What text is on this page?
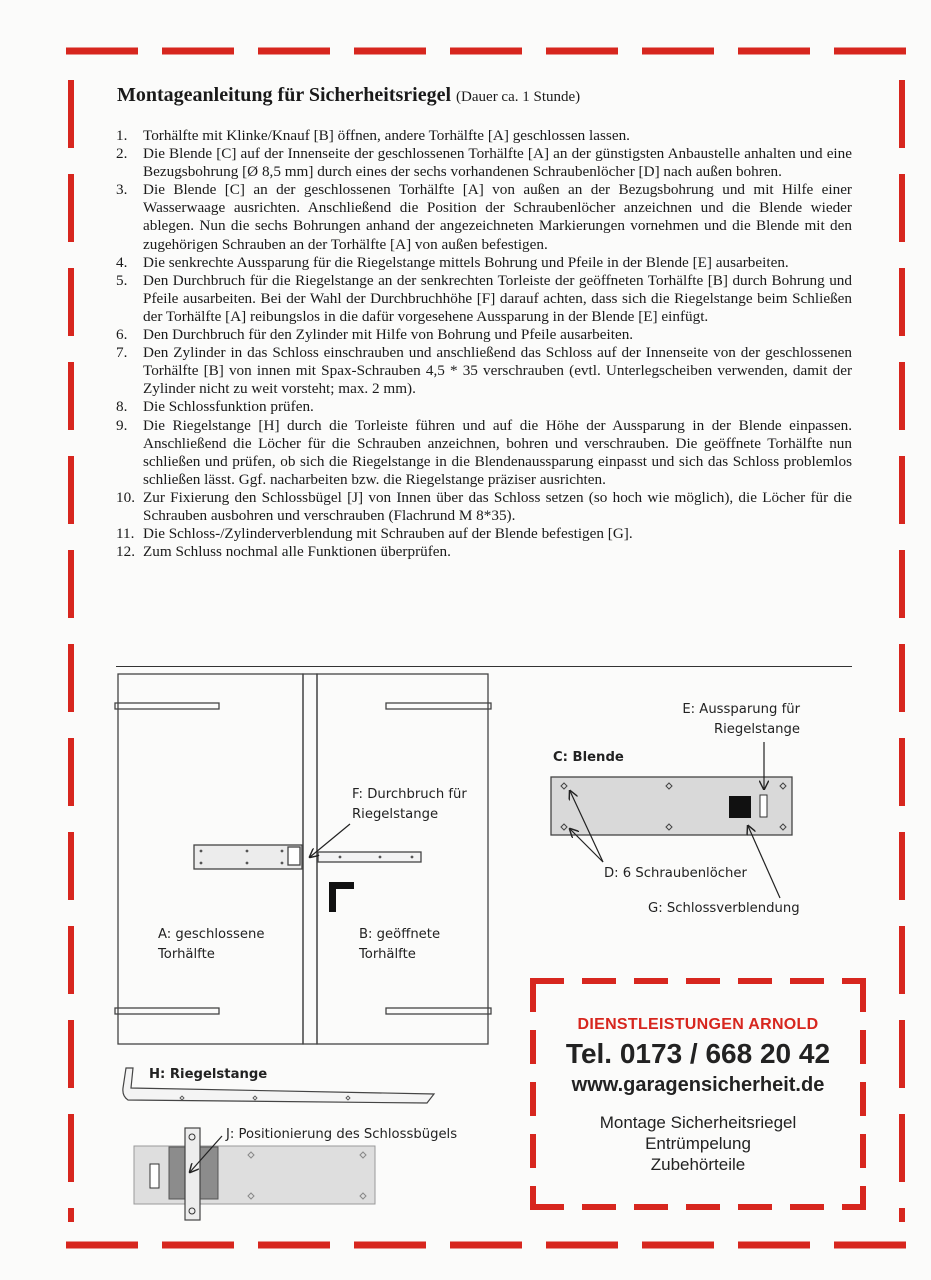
Montageanleitung für Sicherheitsriegel (Dauer ca. 1 Stunde)
1. Torhälfte mit Klinke/Knauf [B] öffnen, andere Torhälfte [A] geschlossen lassen.
2. Die Blende [C] auf der Innenseite der geschlossenen Torhälfte [A] an der günstigsten Anbaustelle anhalten und eine Bezugsbohrung [Ø 8,5 mm] durch eines der sechs vorhandenen Schraubenlöcher [D] nach außen bohren.
3. Die Blende [C] an der geschlossenen Torhälfte [A] von außen an der Bezugsbohrung und mit Hilfe einer Wasserwaage ausrichten. Anschließend die Position der Schraubenlöcher anzeichnen und die Blende wieder ablegen. Nun die sechs Bohrungen anhand der angezeichneten Markierungen vornehmen und die Blende mit den zugehörigen Schrauben an der Torhälfte [A] von außen befestigen.
4. Die senkrechte Aussparung für die Riegelstange mittels Bohrung und Pfeile in der Blende [E] ausarbeiten.
5. Den Durchbruch für die Riegelstange an der senkrechten Torleiste der geöffneten Torhälfte [B] durch Bohrung und Pfeile ausarbeiten. Bei der Wahl der Durchbruchhöhe [F] darauf achten, dass sich die Riegelstange beim Schließen der Torhälfte [A] reibungslos in die dafür vorgesehene Aussparung in der Blende [E] einfügt.
6. Den Durchbruch für den Zylinder mit Hilfe von Bohrung und Pfeile ausarbeiten.
7. Den Zylinder in das Schloss einschrauben und anschließend das Schloss auf der Innenseite von der geschlossenen Torhälfte [B] von innen mit Spax-Schrauben 4,5 * 35 verschrauben (evtl. Unterlegscheiben verwenden, damit der Zylinder nicht zu weit vorsteht; max. 2 mm).
8. Die Schlossfunktion prüfen.
9. Die Riegelstange [H] durch die Torleiste führen und auf die Höhe der Aussparung in der Blende einpassen. Anschließend die Löcher für die Schrauben anzeichnen, bohren und verschrauben. Die geöffnete Torhälfte nun schließen und prüfen, ob sich die Riegelstange in die Blendenaussparung einpasst und sich das Schloss problemlos schließen lässt. Ggf. nacharbeiten bzw. die Riegelstange präziser ausrichten.
10. Zur Fixierung den Schlossbügel [J] von Innen über das Schloss setzen (so hoch wie möglich), die Löcher für die Schrauben ausbohren und verschrauben (Flachrund M 8*35).
11. Die Schloss-/Zylinderverblendung mit Schrauben auf der Blende befestigen [G].
12. Zum Schluss nochmal alle Funktionen überprüfen.
A: geschlossene
Torhälfte
B: geöffnete
Torhälfte
F: Durchbruch für
Riegelstange
E: Aussparung für
Riegelstange
C: Blende
D: 6 Schraubenlöcher
G: Schlossverblendung
H: Riegelstange
J: Positionierung des Schlossbügels
DIENSTLEISTUNGEN ARNOLD
Tel. 0173 / 668 20 42
www.garagensicherheit.de
Montage Sicherheitsriegel
Entrümpelung
Zubehörteile
